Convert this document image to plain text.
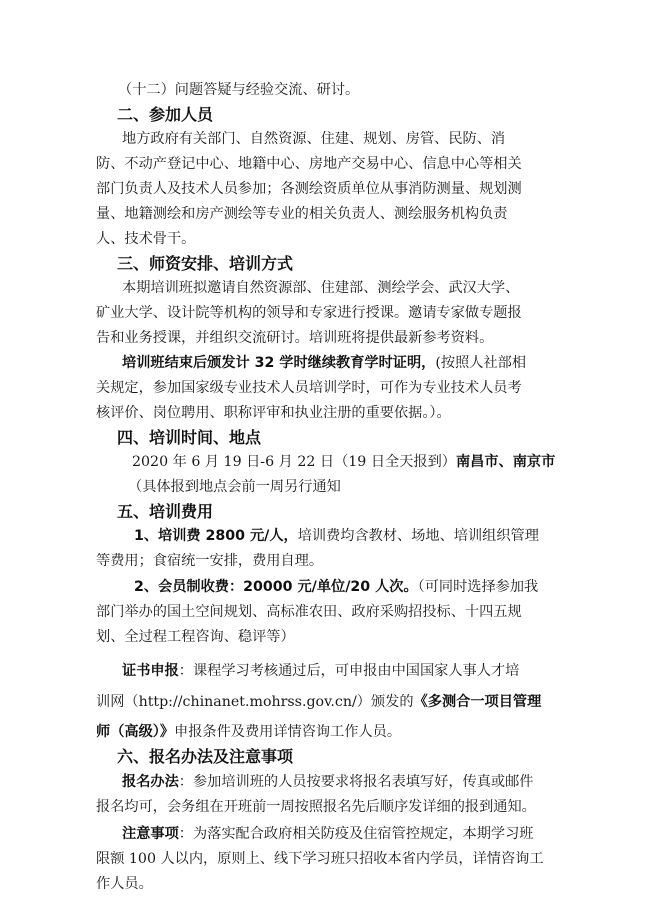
（十二）问题答疑与经验交流、研讨。
二、参加人员
地方政府有关部门、自然资源、住建、规划、房管、民防、消
防、不动产登记中心、地籍中心、房地产交易中心、信息中心等相关
部门负责人及技术人员参加；各测绘资质单位从事消防测量、规划测
量、地籍测绘和房产测绘等专业的相关负责人、测绘服务机构负责
人、技术骨干。
三、师资安排、培训方式
本期培训班拟邀请自然资源部、住建部、测绘学会、武汉大学、
矿业大学、设计院等机构的领导和专家进行授课。邀请专家做专题报
告和业务授课，并组织交流研讨。培训班将提供最新参考资料。
培训班结束后颁发计 32 学时继续教育学时证明，(按照人社部相
关规定，参加国家级专业技术人员培训学时，可作为专业技术人员考
核评价、岗位聘用、职称评审和执业注册的重要依据。）。
四、培训时间、地点
2020 年 6 月 19 日-6 月 22 日（19 日全天报到）南昌市、南京市
（具体报到地点会前一周另行通知
五、培训费用
1、培训费 2800 元/人，培训费均含教材、场地、培训组织管理
等费用；食宿统一安排，费用自理。
2、会员制收费：20000 元/单位/20 人次。（可同时选择参加我
部门举办的国土空间规划、高标准农田、政府采购招投标、十四五规
划、全过程工程咨询、稳评等）
证书申报：课程学习考核通过后，可申报由中国国家人事人才培
训网（http://chinanet.mohrss.gov.cn/）颁发的《多测合一项目管理
师（高级）》申报条件及费用详情咨询工作人员。
六、报名办法及注意事项
报名办法：参加培训班的人员按要求将报名表填写好，传真或邮件
报名均可，会务组在开班前一周按照报名先后顺序发详细的报到通知。
注意事项：为落实配合政府相关防疫及住宿管控规定，本期学习班
限额 100 人以内，原则上、线下学习班只招收本省内学员，详情咨询工
作人员。
